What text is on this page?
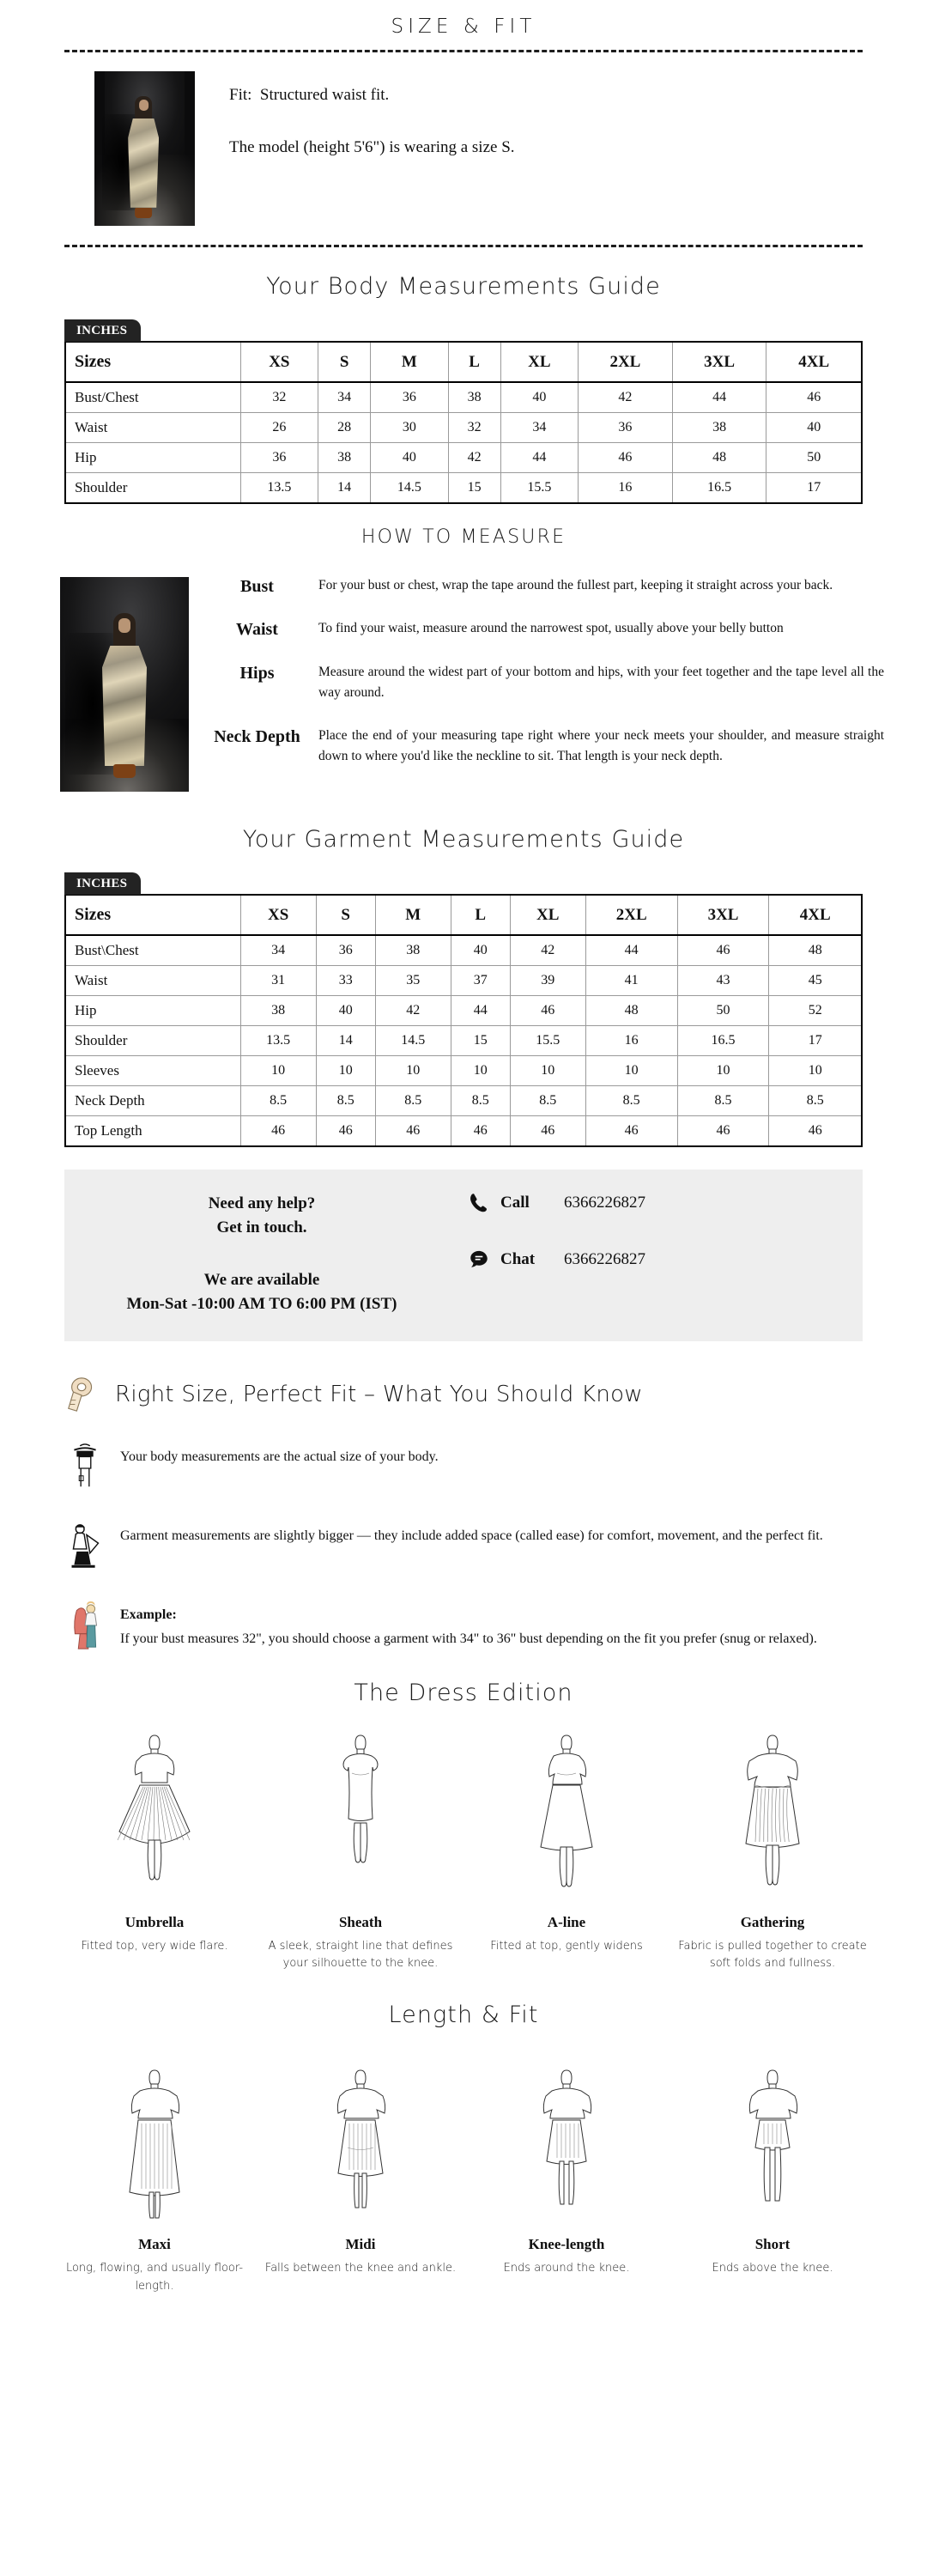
SIZE & FIT
Fit: Structured waist fit.
The model (height 5'6") is wearing a size S.
Your Body Measurements Guide
INCHES
Sizes	XS	S	M	L	XL	2XL	3XL	4XL
Bust/Chest	32	34	36	38	40	42	44	46
Waist	26	28	30	32	34	36	38	40
Hip	36	38	40	42	44	46	48	50
Shoulder	13.5	14	14.5	15	15.5	16	16.5	17
HOW TO MEASURE
Bust	For your bust or chest, wrap the tape around the fullest part, keeping it straight across your back.
Waist	To find your waist, measure around the narrowest spot, usually above your belly button
Hips	Measure around the widest part of your bottom and hips, with your feet together and the tape level all the way around.
Neck Depth	Place the end of your measuring tape right where your neck meets your shoulder, and measure straight down to where you'd like the neckline to sit. That length is your neck depth.
Your Garment Measurements Guide
INCHES
Sizes	XS	S	M	L	XL	2XL	3XL	4XL
Bust\Chest	34	36	38	40	42	44	46	48
Waist	31	33	35	37	39	41	43	45
Hip	38	40	42	44	46	48	50	52
Shoulder	13.5	14	14.5	15	15.5	16	16.5	17
Sleeves	10	10	10	10	10	10	10	10
Neck Depth	8.5	8.5	8.5	8.5	8.5	8.5	8.5	8.5
Top Length	46	46	46	46	46	46	46	46
Need any help?
Get in touch.
We are available
Mon-Sat -10:00 AM TO 6:00 PM (IST)
Call	6366226827
Chat	6366226827
Right Size, Perfect Fit – What You Should Know
Your body measurements are the actual size of your body.
Garment measurements are slightly bigger — they include added space (called ease) for comfort, movement, and the perfect fit.
Example:
If your bust measures 32", you should choose a garment with 34" to 36" bust depending on the fit you prefer (snug or relaxed).
The Dress Edition
Umbrella
Fitted top, very wide flare.
Sheath
A sleek, straight line that defines your silhouette to the knee.
A-line
Fitted at top, gently widens
Gathering
Fabric is pulled together to create soft folds and fullness.
Length & Fit
Maxi
Long, flowing, and usually floor-length.
Midi
Falls between the knee and ankle.
Knee-length
Ends around the knee.
Short
Ends above the knee.
